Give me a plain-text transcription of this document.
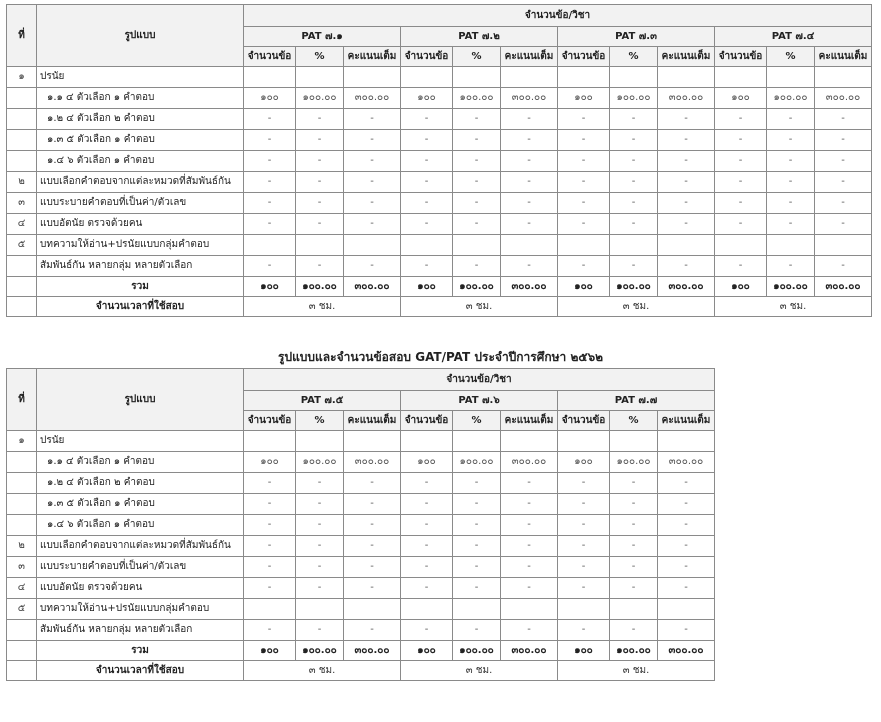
ที่	รูปแบบ	จำนวนข้อ/วิชา											
		PAT ๗.๑			PAT ๗.๒			PAT ๗.๓			PAT ๗.๔		
		จำนวนข้อ	%	คะแนนเต็ม	จำนวนข้อ	%	คะแนนเต็ม	จำนวนข้อ	%	คะแนนเต็ม	จำนวนข้อ	%	คะแนนเต็ม
๑	ปรนัย												
	๑.๑ ๔ ตัวเลือก ๑ คำตอบ	๑๐๐	๑๐๐.๐๐	๓๐๐.๐๐	๑๐๐	๑๐๐.๐๐	๓๐๐.๐๐	๑๐๐	๑๐๐.๐๐	๓๐๐.๐๐	๑๐๐	๑๐๐.๐๐	๓๐๐.๐๐
	๑.๒ ๔ ตัวเลือก ๒ คำตอบ	-	-	-	-	-	-	-	-	-	-	-	-
	๑.๓ ๕ ตัวเลือก ๑ คำตอบ	-	-	-	-	-	-	-	-	-	-	-	-
	๑.๔ ๖ ตัวเลือก ๑ คำตอบ	-	-	-	-	-	-	-	-	-	-	-	-
๒	แบบเลือกคำตอบจากแต่ละหมวดที่สัมพันธ์กัน	-	-	-	-	-	-	-	-	-	-	-	-
๓	แบบระบายคำตอบที่เป็นค่า/ตัวเลข	-	-	-	-	-	-	-	-	-	-	-	-
๔	แบบอัตนัย ตรวจด้วยคน	-	-	-	-	-	-	-	-	-	-	-	-
๕	บทความให้อ่าน+ปรนัยแบบกลุ่มคำตอบ												
	สัมพันธ์กัน หลายกลุ่ม หลายตัวเลือก	-	-	-	-	-	-	-	-	-	-	-	-
	รวม	๑๐๐	๑๐๐.๐๐	๓๐๐.๐๐	๑๐๐	๑๐๐.๐๐	๓๐๐.๐๐	๑๐๐	๑๐๐.๐๐	๓๐๐.๐๐	๑๐๐	๑๐๐.๐๐	๓๐๐.๐๐
	จำนวนเวลาที่ใช้สอบ	๓ ชม.			๓ ชม.			๓ ชม.			๓ ชม.		
รูปแบบและจำนวนข้อสอบ GAT/PAT ประจำปีการศึกษา ๒๕๖๒
ที่	รูปแบบ	จำนวนข้อ/วิชา								
		PAT ๗.๕			PAT ๗.๖			PAT ๗.๗		
		จำนวนข้อ	%	คะแนนเต็ม	จำนวนข้อ	%	คะแนนเต็ม	จำนวนข้อ	%	คะแนนเต็ม
๑	ปรนัย									
	๑.๑ ๔ ตัวเลือก ๑ คำตอบ	๑๐๐	๑๐๐.๐๐	๓๐๐.๐๐	๑๐๐	๑๐๐.๐๐	๓๐๐.๐๐	๑๐๐	๑๐๐.๐๐	๓๐๐.๐๐
	๑.๒ ๔ ตัวเลือก ๒ คำตอบ	-	-	-	-	-	-	-	-	-
	๑.๓ ๕ ตัวเลือก ๑ คำตอบ	-	-	-	-	-	-	-	-	-
	๑.๔ ๖ ตัวเลือก ๑ คำตอบ	-	-	-	-	-	-	-	-	-
๒	แบบเลือกคำตอบจากแต่ละหมวดที่สัมพันธ์กัน	-	-	-	-	-	-	-	-	-
๓	แบบระบายคำตอบที่เป็นค่า/ตัวเลข	-	-	-	-	-	-	-	-	-
๔	แบบอัตนัย ตรวจด้วยคน	-	-	-	-	-	-	-	-	-
๕	บทความให้อ่าน+ปรนัยแบบกลุ่มคำตอบ									
	สัมพันธ์กัน หลายกลุ่ม หลายตัวเลือก	-	-	-	-	-	-	-	-	-
	รวม	๑๐๐	๑๐๐.๐๐	๓๐๐.๐๐	๑๐๐	๑๐๐.๐๐	๓๐๐.๐๐	๑๐๐	๑๐๐.๐๐	๓๐๐.๐๐
	จำนวนเวลาที่ใช้สอบ	๓ ชม.			๓ ชม.			๓ ชม.		
